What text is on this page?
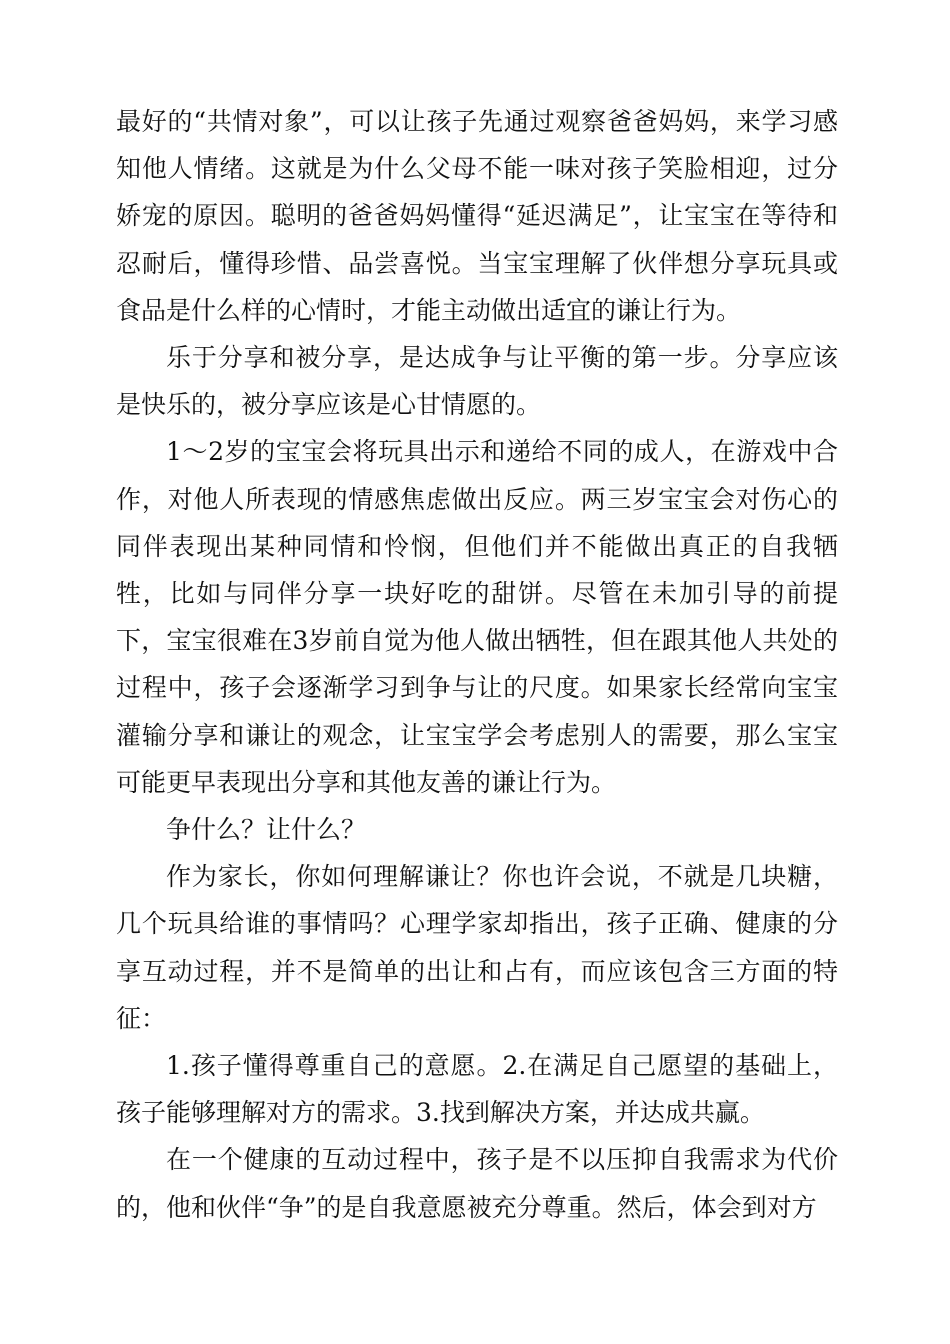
最好的“共情对象”，可以让孩子先通过观察爸爸妈妈，来学习感知他人情绪。这就是为什么父母不能一味对孩子笑脸相迎，过分娇宠的原因。聪明的爸爸妈妈懂得“延迟满足”，让宝宝在等待和忍耐后，懂得珍惜、品尝喜悦。当宝宝理解了伙伴想分享玩具或食品是什么样的心情时，才能主动做出适宜的谦让行为。

乐于分享和被分享，是达成争与让平衡的第一步。分享应该是快乐的，被分享应该是心甘情愿的。

1～2岁的宝宝会将玩具出示和递给不同的成人，在游戏中合作，对他人所表现的情感焦虑做出反应。两三岁宝宝会对伤心的同伴表现出某种同情和怜悯，但他们并不能做出真正的自我牺牲，比如与同伴分享一块好吃的甜饼。尽管在未加引导的前提下，宝宝很难在3岁前自觉为他人做出牺牲，但在跟其他人共处的过程中，孩子会逐渐学习到争与让的尺度。如果家长经常向宝宝灌输分享和谦让的观念，让宝宝学会考虑别人的需要，那么宝宝可能更早表现出分享和其他友善的谦让行为。

争什么？让什么？

作为家长，你如何理解谦让？你也许会说，不就是几块糖，几个玩具给谁的事情吗？心理学家却指出，孩子正确、健康的分享互动过程，并不是简单的出让和占有，而应该包含三方面的特征：

1.孩子懂得尊重自己的意愿。2.在满足自己愿望的基础上，孩子能够理解对方的需求。3.找到解决方案，并达成共赢。

在一个健康的互动过程中，孩子是不以压抑自我需求为代价的，他和伙伴“争”的是自我意愿被充分尊重。然后，体会到对方
